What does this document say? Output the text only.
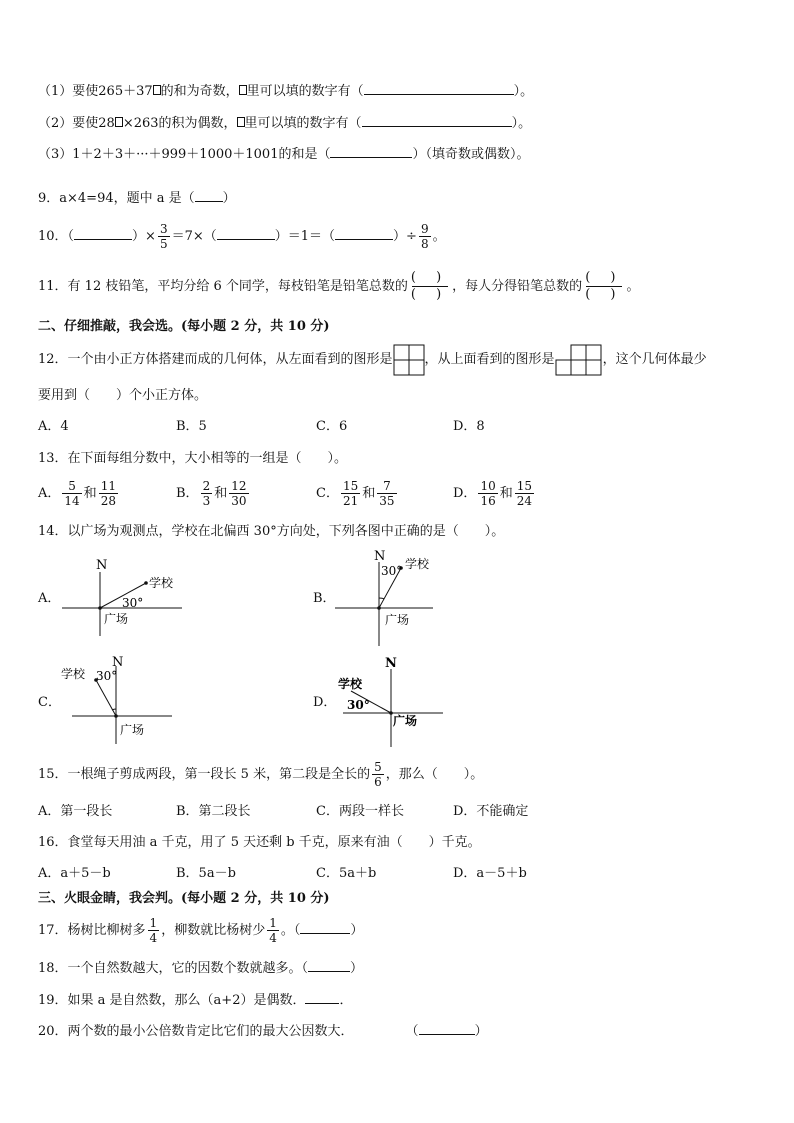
（1）要使265＋37 的和为奇数， 里可以填的数字有（	）。
（2）要使28 ×263的积为偶数， 里可以填的数字有（	）。
（3）1＋2＋3＋···＋999＋1000＋1001的和是（	）（填奇数或偶数）。
9．a×4=94，题中 a 是（ ）
10．（	）× $\frac{3}{5} =7\times$（	）＝1＝（	）÷ $\frac{9}{8}$ 。
11．有 12 枝铅笔，平均分给 6 个同学，每枝铅笔是铅笔总数的
( )
( )
，每人分得铅笔总数的
( )
( )
。
二、仔细推敲，我会选。(每小题 2 分，共 10 分)
12．一个由小正方体搭建而成的几何体，从左面看到的图形是 ，从上面看到的图形是	，这个几何体最少
要用到（　　）个小正方体。
A．4	B．5	C．6	D．8
13．在下面每组分数中，大小相等的一组是（　　）。
A． $\frac{5}{14}$ 和 $\frac{11}{28}$	B． $\frac{2}{3}$ 和 $\frac{12}{30}$	C． $\frac{15}{21}$ 和 $\frac{7}{35}$	D． $\frac{10}{16}$ 和 $\frac{15}{24}$
14．以广场为观测点，学校在北偏西 30°方向处，下列各图中正确的是（　　）。
A．
N
学校
30°
广场
B．
N
30° 学校
广场
C．
N
学校 30°
广场
D．
N
学校
30°
广场
15．一根绳子剪成两段，第一段长 5 米，第二段是全长的 $\frac{5}{6}$ ，那么（　　）。
A．第一段长	B．第二段长	C．两段一样长	D．不能确定
16．食堂每天用油 a 千克，用了 5 天还剩 b 千克，原来有油（　　）千克。
A．a＋5－b	B．5a－b	C．5a＋b	D．a－5＋b
三、火眼金睛，我会判。(每小题 2 分，共 10 分)
17．杨树比柳树多 $\frac{1}{4}$ ，柳数就比杨树少 $\frac{1}{4}$ 。（	）
18．一个自然数越大，它的因数个数就越多。（	）
19．如果 a 是自然数，那么（a+2）是偶数．	．
20．两个数的最小公倍数肯定比它们的最大公因数大．	（	）
